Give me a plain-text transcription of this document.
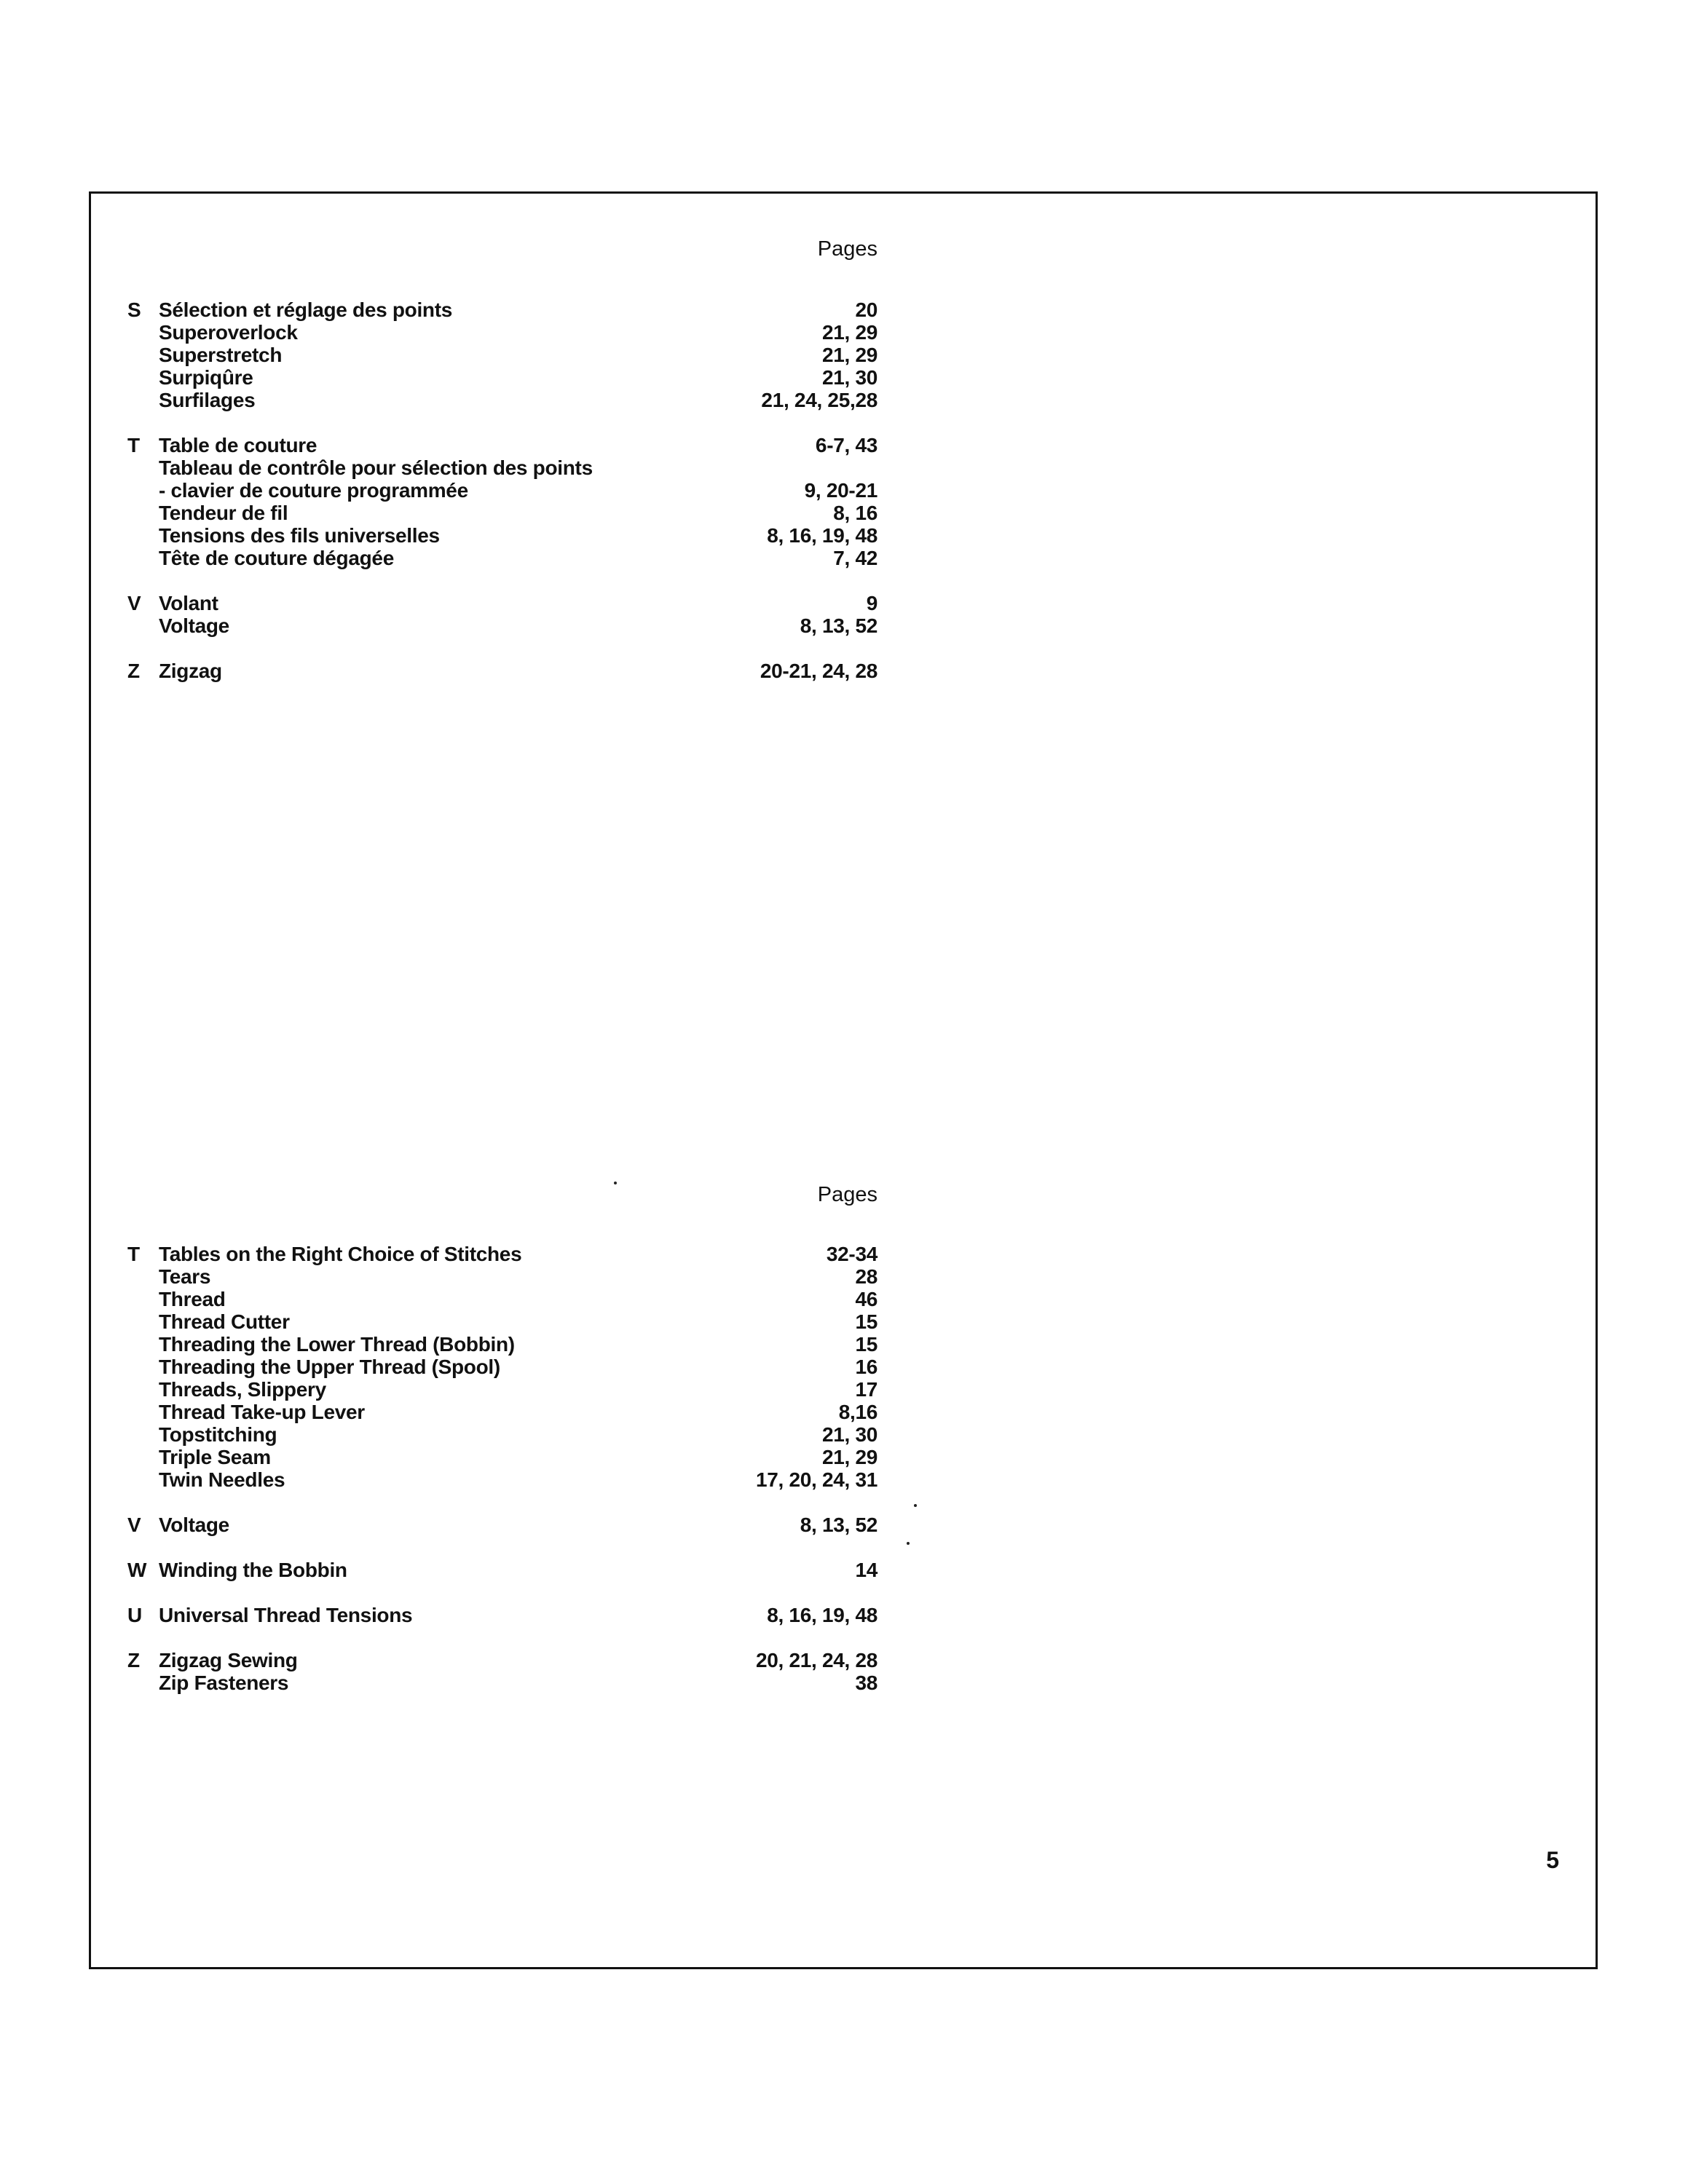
Pages
S Sélection et réglage des points	20
Superoverlock	21, 29
Superstretch	21, 29
Surpiqûre	21, 30
Surfilages	21, 24, 25,28
T Table de couture	6-7, 43
Tableau de contrôle pour sélection des points
- clavier de couture programmée	9, 20-21
Tendeur de fil	8, 16
Tensions des fils universelles	8, 16, 19, 48
Tête de couture dégagée	7, 42
V Volant	9
Voltage	8, 13, 52
Z Zigzag	20-21, 24, 28
Pages
T Tables on the Right Choice of Stitches	32-34
Tears	28
Thread	46
Thread Cutter	15
Threading the Lower Thread (Bobbin)	15
Threading the Upper Thread (Spool)	16
Threads, Slippery	17
Thread Take-up Lever	8,16
Topstitching	21, 30
Triple Seam	21, 29
Twin Needles	17, 20, 24, 31
V Voltage	8, 13, 52
W Winding the Bobbin	14
U Universal Thread Tensions	8, 16, 19, 48
Z Zigzag Sewing	20, 21, 24, 28
Zip Fasteners	38
5
